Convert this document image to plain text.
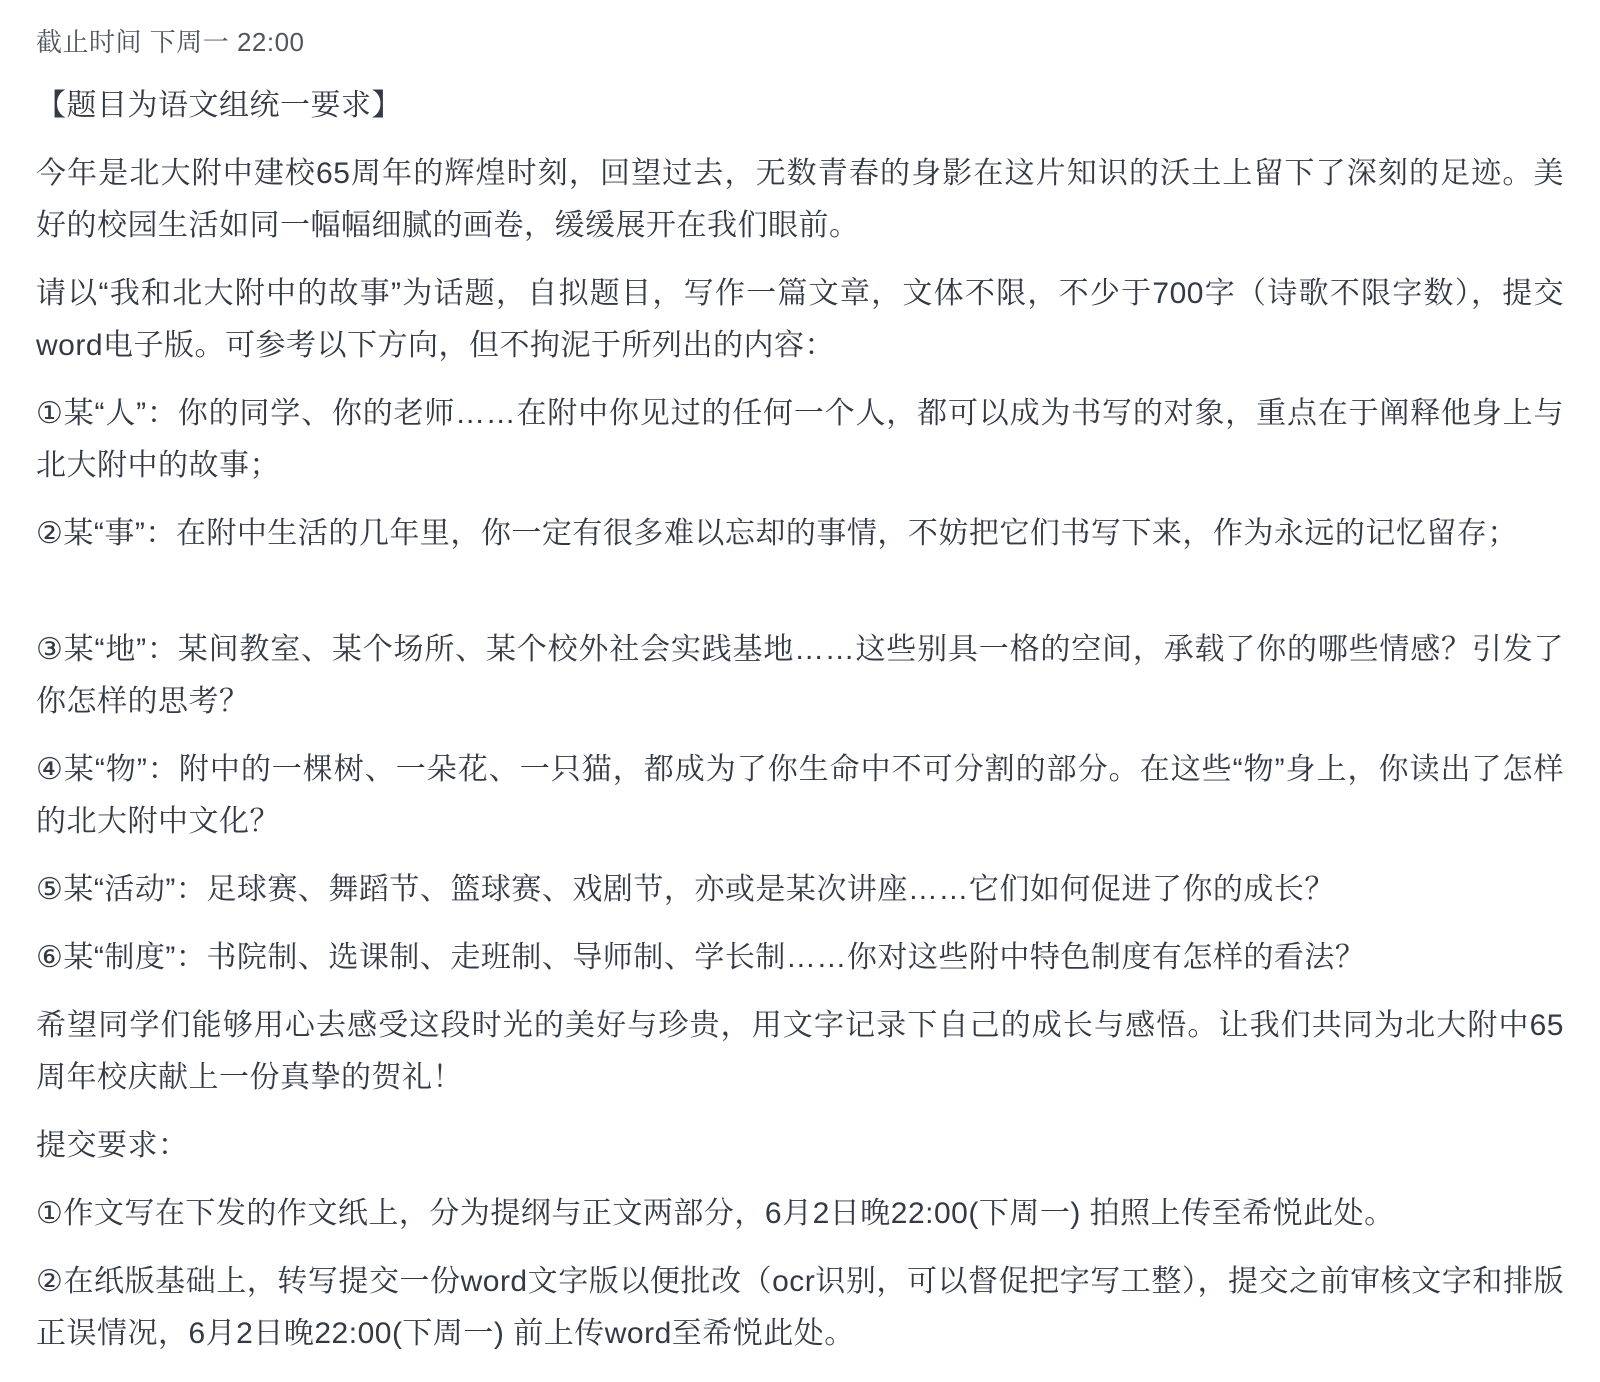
截止时间 下周一 22:00
【题目为语文组统一要求】

今年是北大附中建校65周年的辉煌时刻，回望过去，无数青春的身影在这片知识的沃土上留下了深刻的足迹。美好的校园生活如同一幅幅细腻的画卷，缓缓展开在我们眼前。

请以“我和北大附中的故事”为话题，自拟题目，写作一篇文章，文体不限，不少于700字（诗歌不限字数），提交word电子版。可参考以下方向，但不拘泥于所列出的内容：

①某“人”：你的同学、你的老师……在附中你见过的任何一个人，都可以成为书写的对象，重点在于阐释他身上与北大附中的故事；

②某“事”：在附中生活的几年里，你一定有很多难以忘却的事情，不妨把它们书写下来，作为永远的记忆留存；

③某“地”：某间教室、某个场所、某个校外社会实践基地……这些别具一格的空间，承载了你的哪些情感？引发了你怎样的思考？

④某“物”：附中的一棵树、一朵花、一只猫，都成为了你生命中不可分割的部分。在这些“物”身上，你读出了怎样的北大附中文化？

⑤某“活动”：足球赛、舞蹈节、篮球赛、戏剧节，亦或是某次讲座……它们如何促进了你的成长？

⑥某“制度”：书院制、选课制、走班制、导师制、学长制……你对这些附中特色制度有怎样的看法？

希望同学们能够用心去感受这段时光的美好与珍贵，用文字记录下自己的成长与感悟。让我们共同为北大附中65周年校庆献上一份真挚的贺礼！

提交要求：

①作文写在下发的作文纸上，分为提纲与正文两部分，6月2日晚22:00(下周一) 拍照上传至希悦此处。

②在纸版基础上，转写提交一份word文字版以便批改（ocr识别，可以督促把字写工整），提交之前审核文字和排版正误情况，6月2日晚22:00(下周一) 前上传word至希悦此处。
